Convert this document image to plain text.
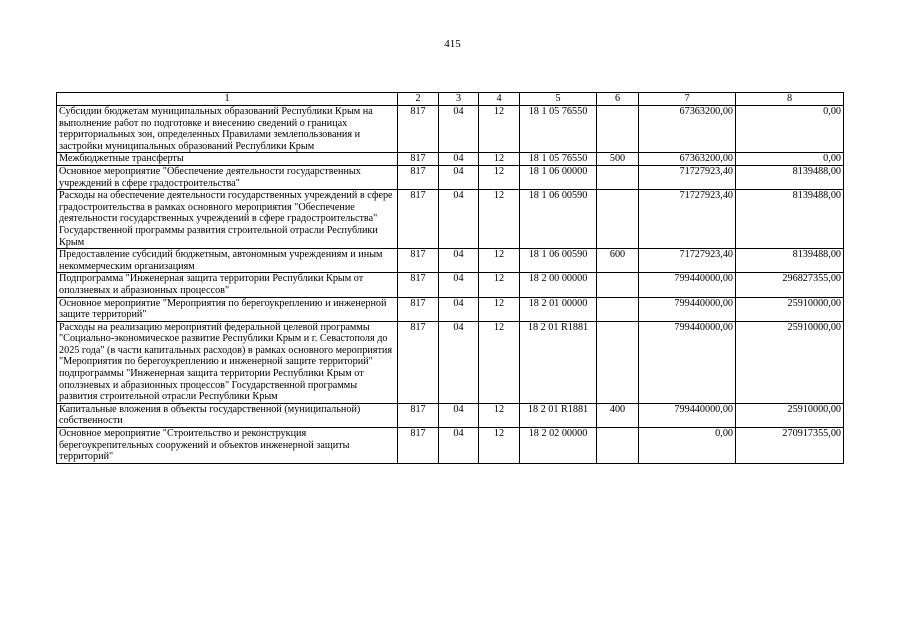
415
1	2	3	4	5	6	7	8
Субсидии бюджетам муниципальных образований Республики Крым на выполнение работ по подготовке и внесению сведений о границах территориальных зон, определенных Правилами землепользования и застройки муниципальных образований Республики Крым	817	04	12	18 1 05 76550		67363200,00	0,00
Межбюджетные трансферты	817	04	12	18 1 05 76550	500	67363200,00	0,00
Основное мероприятие "Обеспечение деятельности государственных учреждений в сфере градостроительства"	817	04	12	18 1 06 00000		71727923,40	8139488,00
Расходы на обеспечение деятельности государственных учреждений в сфере градостроительства в рамках основного мероприятия "Обеспечение деятельности государственных учреждений в сфере градостроительства" Государственной программы развития строительной отрасли Республики Крым	817	04	12	18 1 06 00590		71727923,40	8139488,00
Предоставление субсидий бюджетным, автономным учреждениям и иным некоммерческим организациям	817	04	12	18 1 06 00590	600	71727923,40	8139488,00
Подпрограмма "Инженерная защита территории Республики Крым от оползневых и абразионных процессов"	817	04	12	18 2 00 00000		799440000,00	296827355,00
Основное мероприятие "Мероприятия по берегоукреплению и инженерной защите территорий"	817	04	12	18 2 01 00000		799440000,00	25910000,00
Расходы на реализацию мероприятий федеральной целевой программы "Социально-экономическое развитие Республики Крым и г. Севастополя до 2025 года" (в части капитальных расходов) в рамках основного мероприятия "Мероприятия по берегоукреплению и инженерной защите территорий" подпрограммы "Инженерная защита территории Республики Крым от оползневых и абразионных процессов" Государственной программы развития строительной отрасли Республики Крым	817	04	12	18 2 01 R1881		799440000,00	25910000,00
Капитальные вложения в объекты государственной (муниципальной) собственности	817	04	12	18 2 01 R1881	400	799440000,00	25910000,00
Основное мероприятие "Строительство и реконструкция берегоукрепительных сооружений и объектов инженерной защиты территорий"	817	04	12	18 2 02 00000		0,00	270917355,00
